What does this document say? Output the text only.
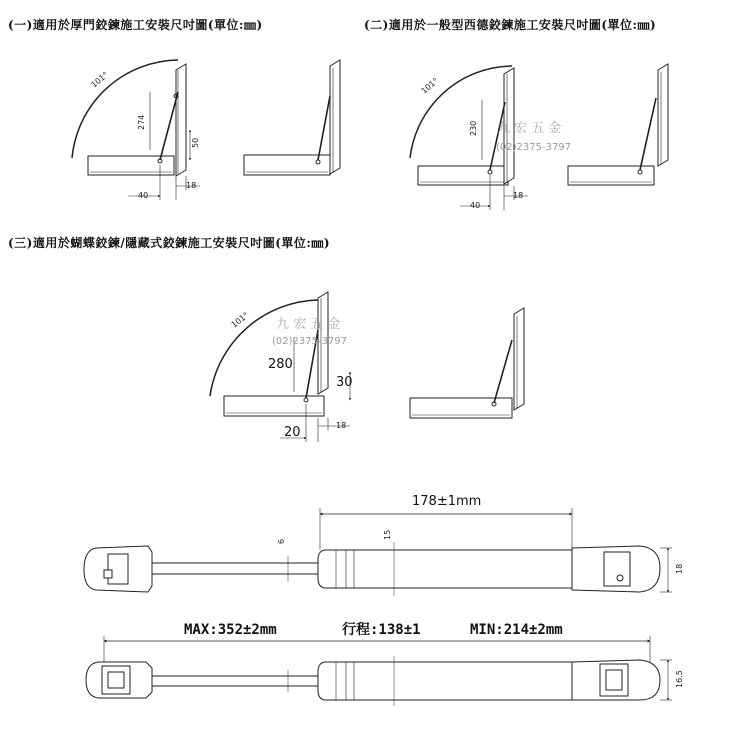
(一)適用於厚門鉸鍊施工安裝尺吋圖(單位:㎜)	(二)適用於一般型西德鉸鍊施工安裝尺吋圖(單位:㎜)
(三)適用於蝴蝶鉸鍊/隱藏式鉸鍊施工安裝尺吋圖(單位:㎜)
101°
274
50
40
18
101°
230
40
18
九 宏 五 金
(02)2375-3797
101°
280
30
20	18
九 宏 五 金
(02)2375-3797
178±1mm
6
15
18
MAX:352±2mm	行程:138±1	MIN:214±2mm
16.5
